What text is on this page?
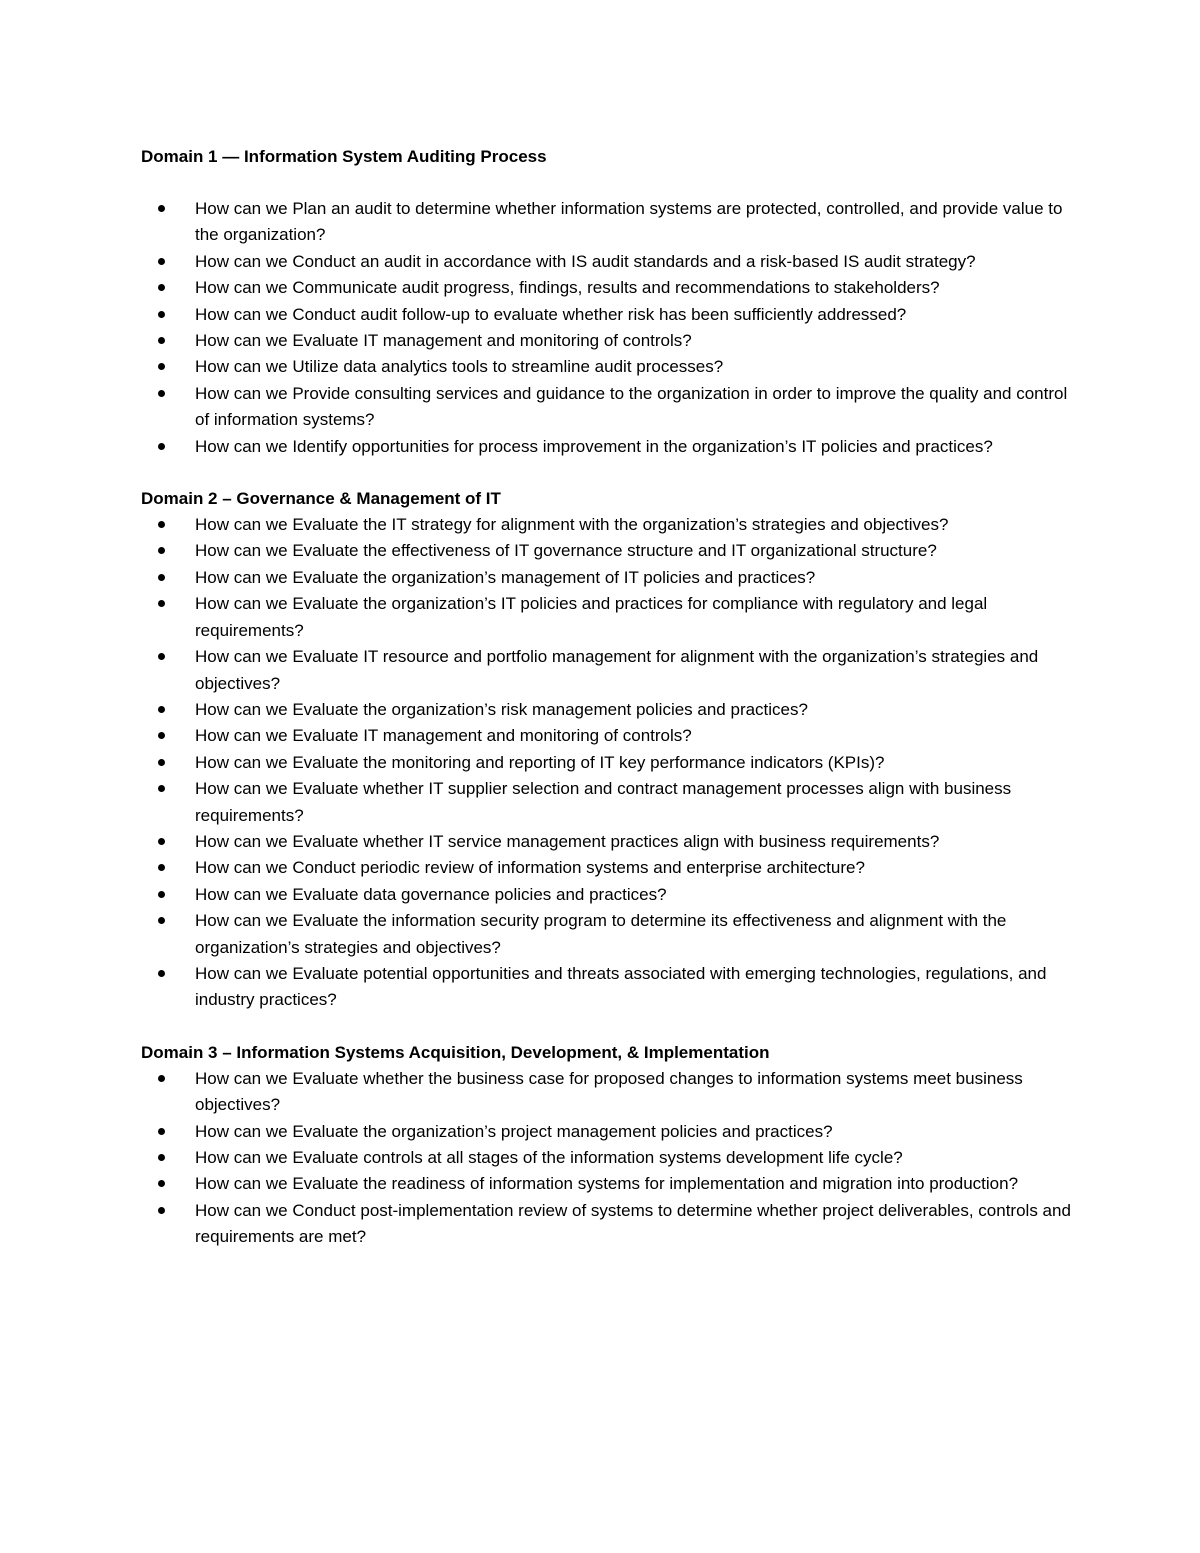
Domain 1 — Information System Auditing Process
How can we Plan an audit to determine whether information systems are protected, controlled, and provide value to the organization?
How can we Conduct an audit in accordance with IS audit standards and a risk-based IS audit strategy?
How can we Communicate audit progress, findings, results and recommendations to stakeholders?
How can we Conduct audit follow-up to evaluate whether risk has been sufficiently addressed?
How can we Evaluate IT management and monitoring of controls?
How can we Utilize data analytics tools to streamline audit processes?
How can we Provide consulting services and guidance to the organization in order to improve the quality and control of information systems?
How can we Identify opportunities for process improvement in the organization’s IT policies and practices?
Domain 2 – Governance & Management of IT
How can we Evaluate the IT strategy for alignment with the organization’s strategies and objectives?
How can we Evaluate the effectiveness of IT governance structure and IT organizational structure?
How can we Evaluate the organization’s management of IT policies and practices?
How can we Evaluate the organization’s IT policies and practices for compliance with regulatory and legal requirements?
How can we Evaluate IT resource and portfolio management for alignment with the organization’s strategies and objectives?
How can we Evaluate the organization’s risk management policies and practices?
How can we Evaluate IT management and monitoring of controls?
How can we Evaluate the monitoring and reporting of IT key performance indicators (KPIs)?
How can we Evaluate whether IT supplier selection and contract management processes align with business requirements?
How can we Evaluate whether IT service management practices align with business requirements?
How can we Conduct periodic review of information systems and enterprise architecture?
How can we Evaluate data governance policies and practices?
How can we Evaluate the information security program to determine its effectiveness and alignment with the organization’s strategies and objectives?
How can we Evaluate potential opportunities and threats associated with emerging technologies, regulations, and industry practices?
Domain 3 – Information Systems Acquisition, Development, & Implementation
How can we Evaluate whether the business case for proposed changes to information systems meet business objectives?
How can we Evaluate the organization’s project management policies and practices?
How can we Evaluate controls at all stages of the information systems development life cycle?
How can we Evaluate the readiness of information systems for implementation and migration into production?
How can we Conduct post-implementation review of systems to determine whether project deliverables, controls and requirements are met?
